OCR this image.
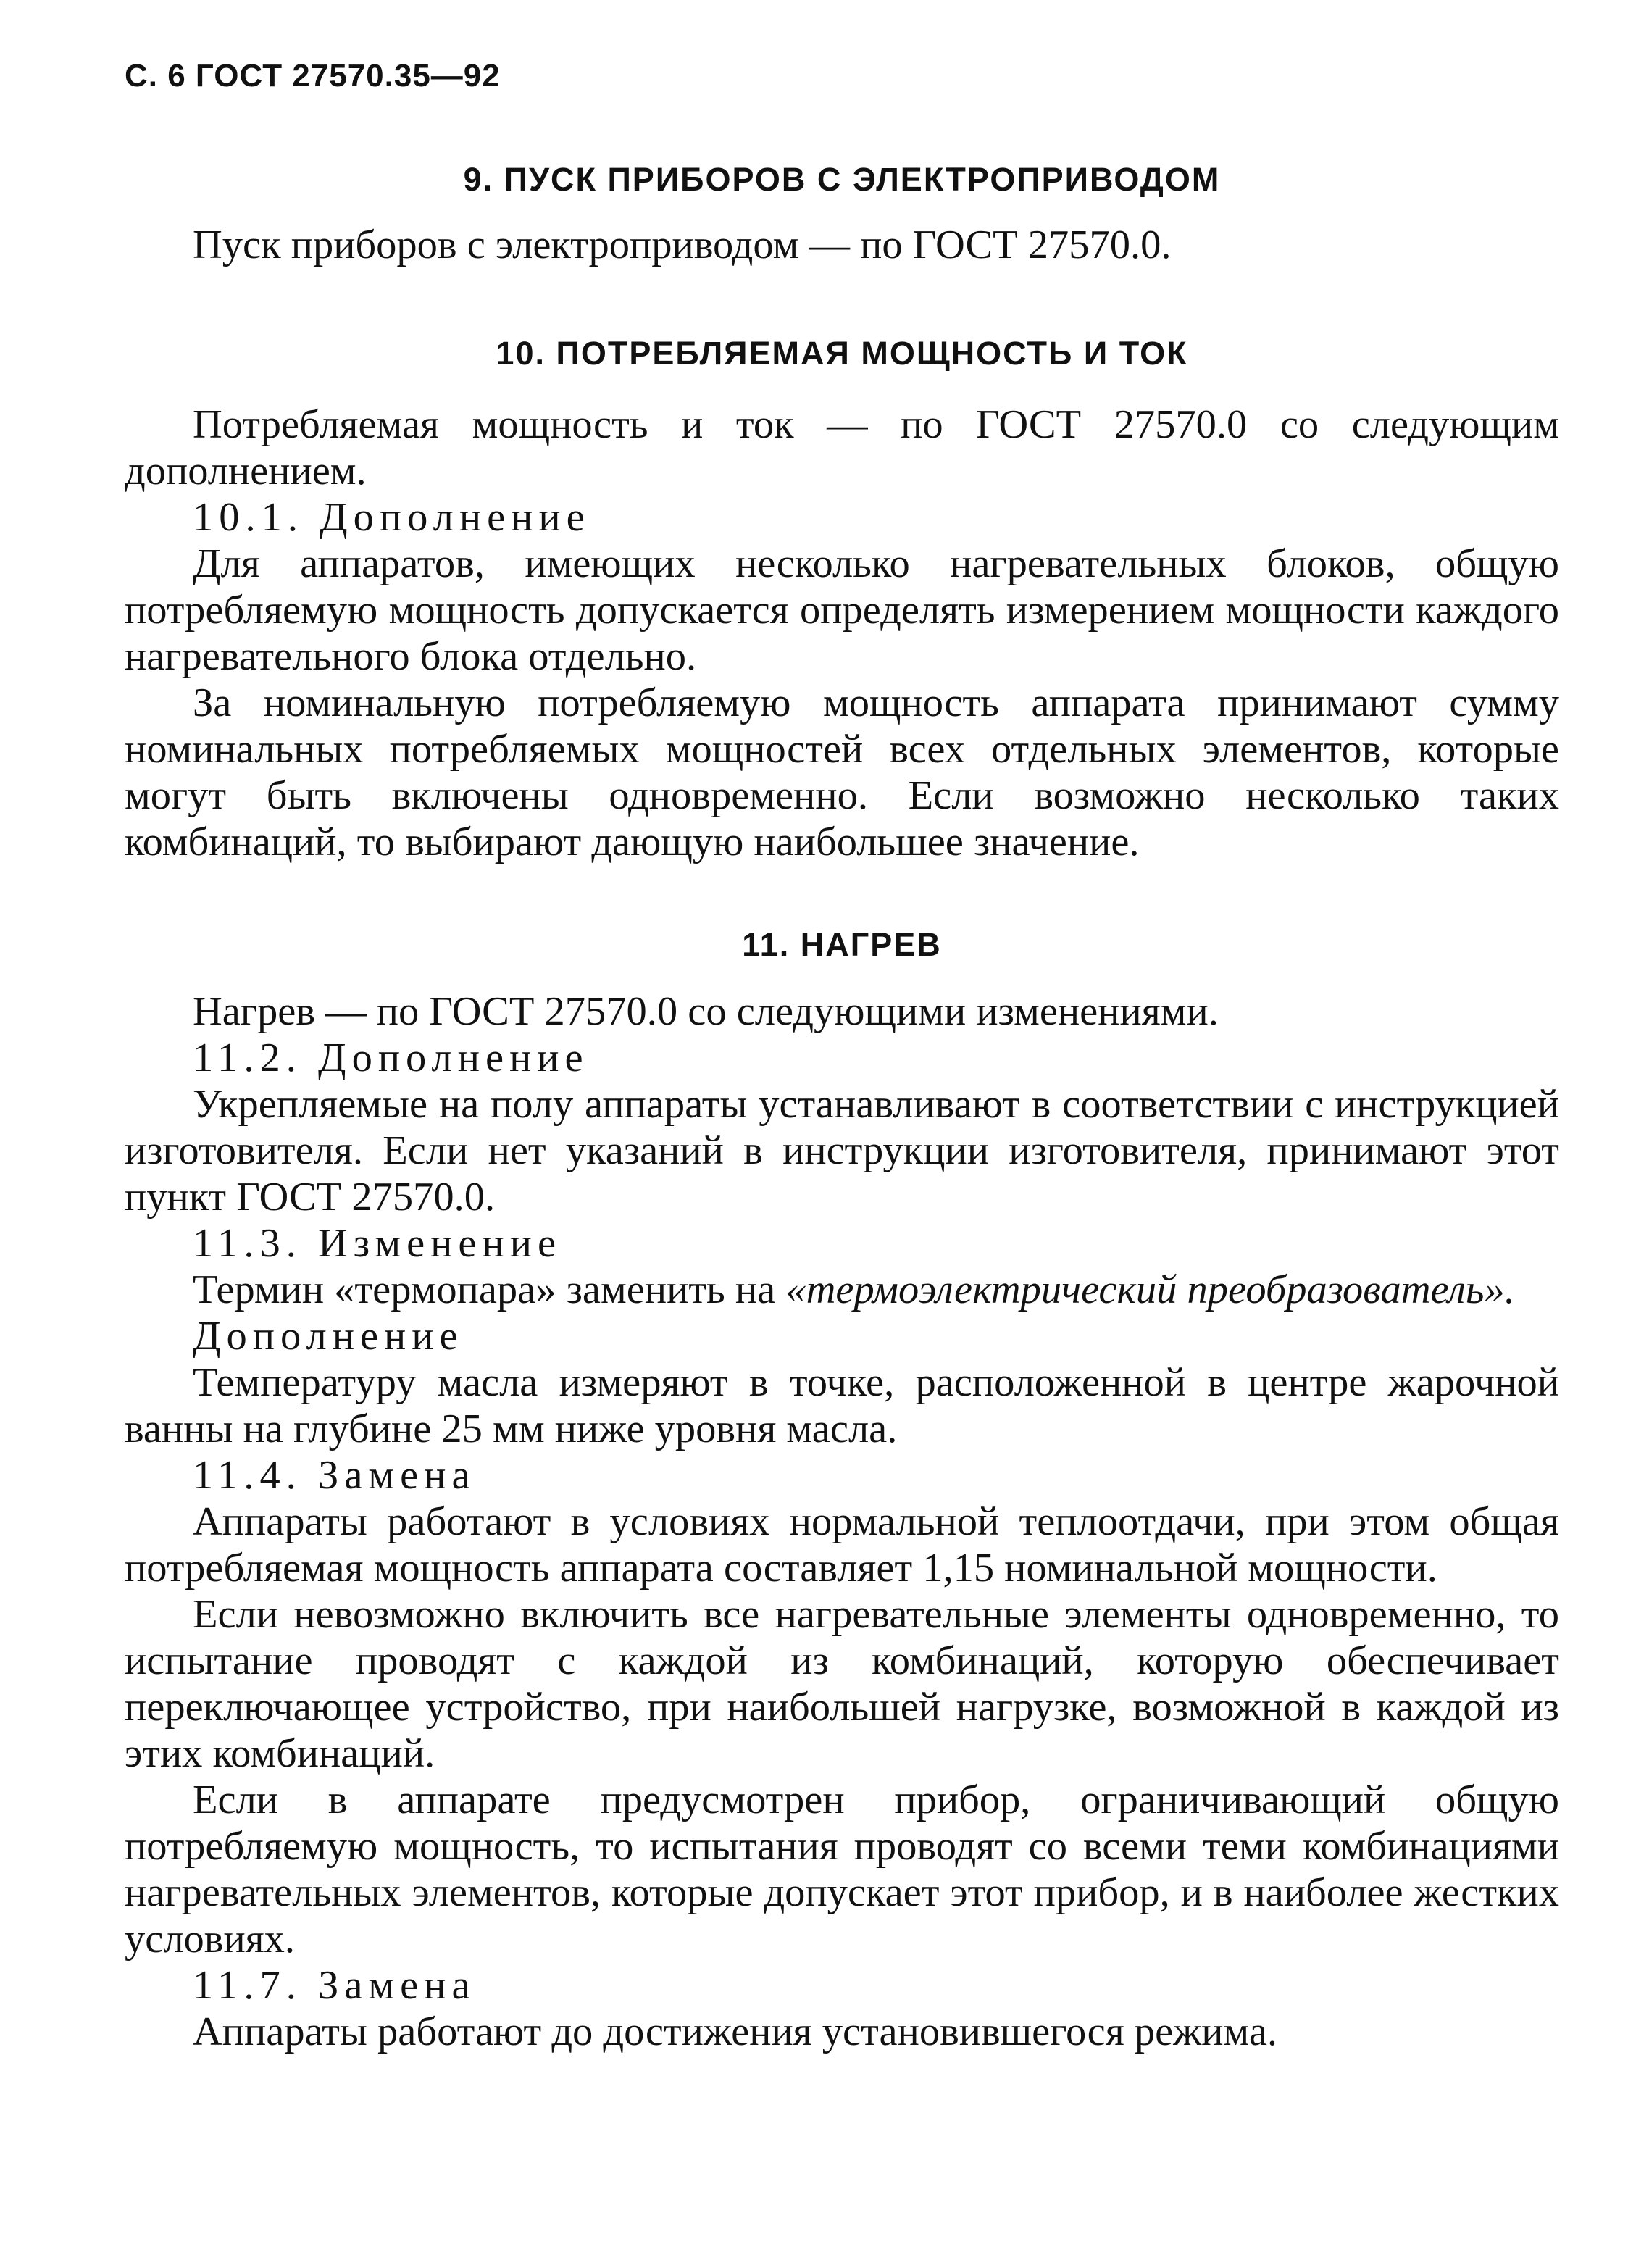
С. 6 ГОСТ 27570.35—92
9. ПУСК ПРИБОРОВ С ЭЛЕКТРОПРИВОДОМ

Пуск приборов с электроприводом — по ГОСТ 27570.0.

10. ПОТРЕБЛЯЕМАЯ МОЩНОСТЬ И ТОК

Потребляемая мощность и ток — по ГОСТ 27570.0 со следующим дополнением.

10.1. Дополнение

Для аппаратов, имеющих несколько нагревательных блоков, общую потребляемую мощность допускается определять измерением мощности каждого нагревательного блока отдельно.

За номинальную потребляемую мощность аппарата принимают сумму номинальных потребляемых мощностей всех отдельных элементов, которые могут быть включены одновременно. Если возможно несколько таких комбинаций, то выбирают дающую наибольшее значение.

11. НАГРЕВ

Нагрев — по ГОСТ 27570.0 со следующими изменениями.

11.2. Дополнение

Укрепляемые на полу аппараты устанавливают в соответствии с инструкцией изготовителя. Если нет указаний в инструкции изготовителя, принимают этот пункт ГОСТ 27570.0.

11.3. Изменение

Термин «термопара» заменить на «термоэлектрический преобразователь».

Дополнение

Температуру масла измеряют в точке, расположенной в центре жарочной ванны на глубине 25 мм ниже уровня масла.

11.4. Замена

Аппараты работают в условиях нормальной теплоотдачи, при этом общая потребляемая мощность аппарата составляет 1,15 номинальной мощности.

Если невозможно включить все нагревательные элементы одновременно, то испытание проводят с каждой из комбинаций, которую обеспечивает переключающее устройство, при наибольшей нагрузке, возможной в каждой из этих комбинаций.

Если в аппарате предусмотрен прибор, ограничивающий общую потребляемую мощность, то испытания проводят со всеми теми комбинациями нагревательных элементов, которые допускает этот прибор, и в наиболее жестких условиях.

11.7. Замена

Аппараты работают до достижения установившегося режима.
